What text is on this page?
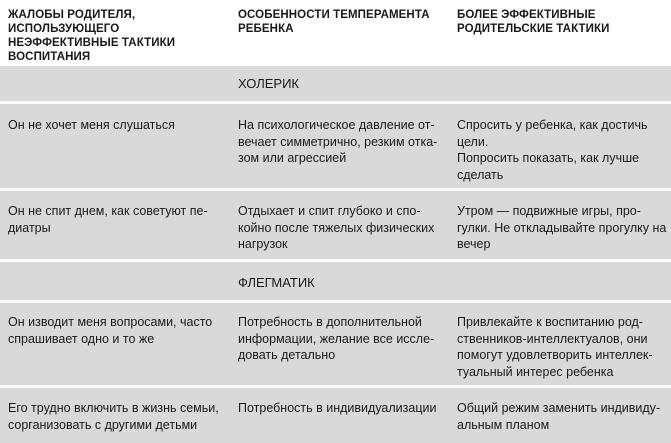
ЖАЛОБЫ РОДИТЕЛЯ, ИСПОЛЬЗУЮЩЕГО НЕЭФФЕКТИВНЫЕ ТАКТИКИ ВОСПИТАНИЯ
ОСОБЕННОСТИ ТЕМПЕРАМЕНТА РЕБЕНКА
БОЛЕЕ ЭФФЕКТИВНЫЕ РОДИТЕЛЬСКИЕ ТАКТИКИ
ХОЛЕРИК
Он не хочет меня слушаться	На психологическое давление отвечает симметрично, резким отказом или агрессией
Спросить у ребенка, как достичь цели.
Попросить показать, как лучше сделать
Он не спит днем, как советуют педиатры
Отдыхает и спит глубоко и спокойно после тяжелых физических нагрузок
Утром — подвижные игры, прогулки. Не откладывайте прогулку на вечер
ФЛЕГМАТИК
Он изводит меня вопросами, часто спрашивает одно и то же
Потребность в дополнительной информации, желание все исследовать детально
Привлекайте к воспитанию родственников-интеллектуалов, они помогут удовлетворить интеллектуальный интерес ребенка
Его трудно включить в жизнь семьи, сорганизовать с другими детьми
Потребность в индивидуализации	Общий режим заменить индивидуальным планом
